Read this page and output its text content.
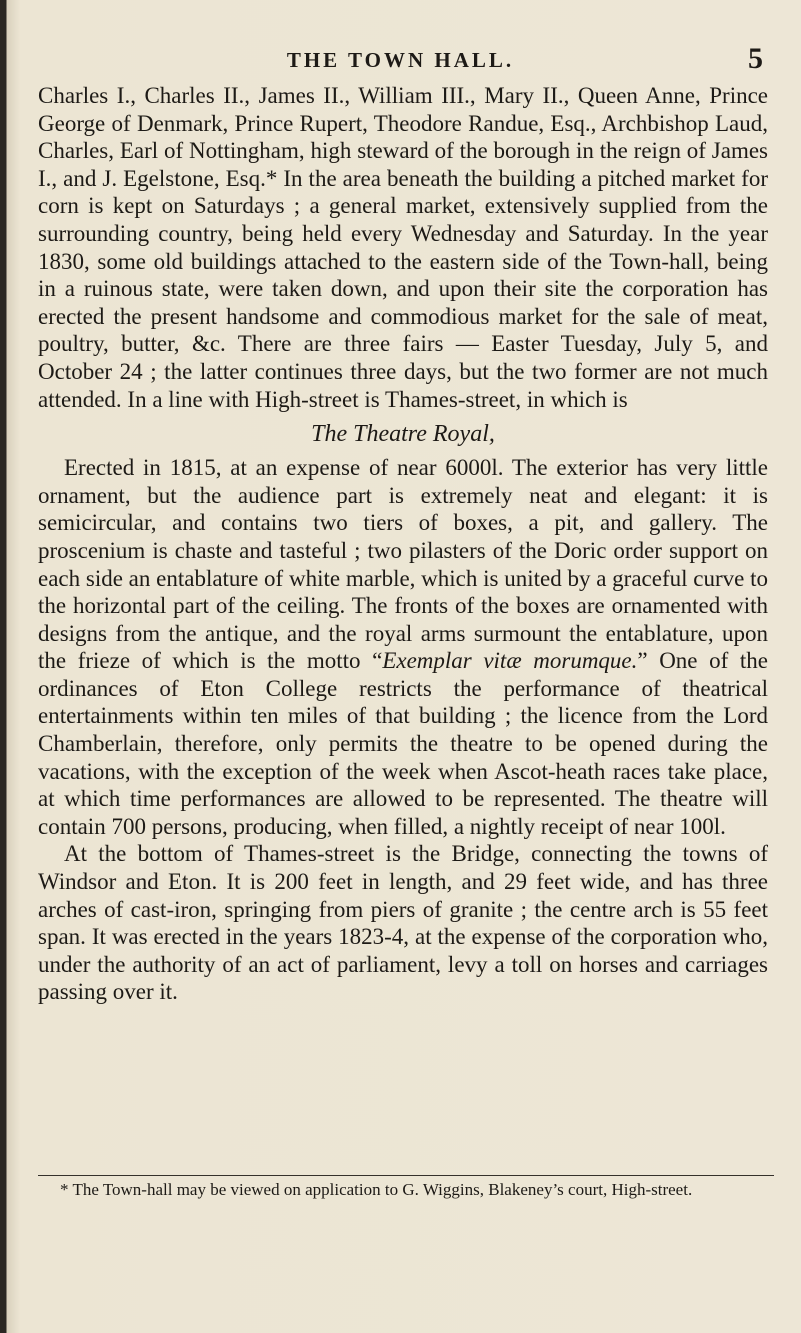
THE TOWN HALL.	5

Charles I., Charles II., James II., William III., Mary II., Queen Anne, Prince George of Denmark, Prince Rupert, Theodore Randue, Esq., Archbishop Laud, Charles, Earl of Nottingham, high steward of the borough in the reign of James I., and J. Egelstone, Esq.* In the area beneath the building a pitched market for corn is kept on Saturdays ; a general market, extensively supplied from the surrounding country, being held every Wednesday and Saturday. In the year 1830, some old buildings attached to the eastern side of the Town-hall, being in a ruinous state, were taken down, and upon their site the corporation has erected the present handsome and commodious market for the sale of meat, poultry, butter, &c. There are three fairs — Easter Tuesday, July 5, and October 24 ; the latter continues three days, but the two former are not much attended. In a line with High-street is Thames-street, in which is

The Theatre Royal,

Erected in 1815, at an expense of near 6000l. The exterior has very little ornament, but the audience part is extremely neat and elegant: it is semicircular, and contains two tiers of boxes, a pit, and gallery. The proscenium is chaste and tasteful ; two pilasters of the Doric order support on each side an entablature of white marble, which is united by a graceful curve to the horizontal part of the ceiling. The fronts of the boxes are ornamented with designs from the antique, and the royal arms surmount the entablature, upon the frieze of which is the motto “Exemplar vitæ morumque.” One of the ordinances of Eton College restricts the performance of theatrical entertainments within ten miles of that building ; the licence from the Lord Chamberlain, therefore, only permits the theatre to be opened during the vacations, with the exception of the week when Ascot-heath races take place, at which time performances are allowed to be represented. The theatre will contain 700 persons, producing, when filled, a nightly receipt of near 100l.

At the bottom of Thames-street is the Bridge, connecting the towns of Windsor and Eton. It is 200 feet in length, and 29 feet wide, and has three arches of cast-iron, springing from piers of granite ; the centre arch is 55 feet span. It was erected in the years 1823-4, at the expense of the corporation who, under the authority of an act of parliament, levy a toll on horses and carriages passing over it.

* The Town-hall may be viewed on application to G. Wiggins, Blakeney’s court, High-street.
